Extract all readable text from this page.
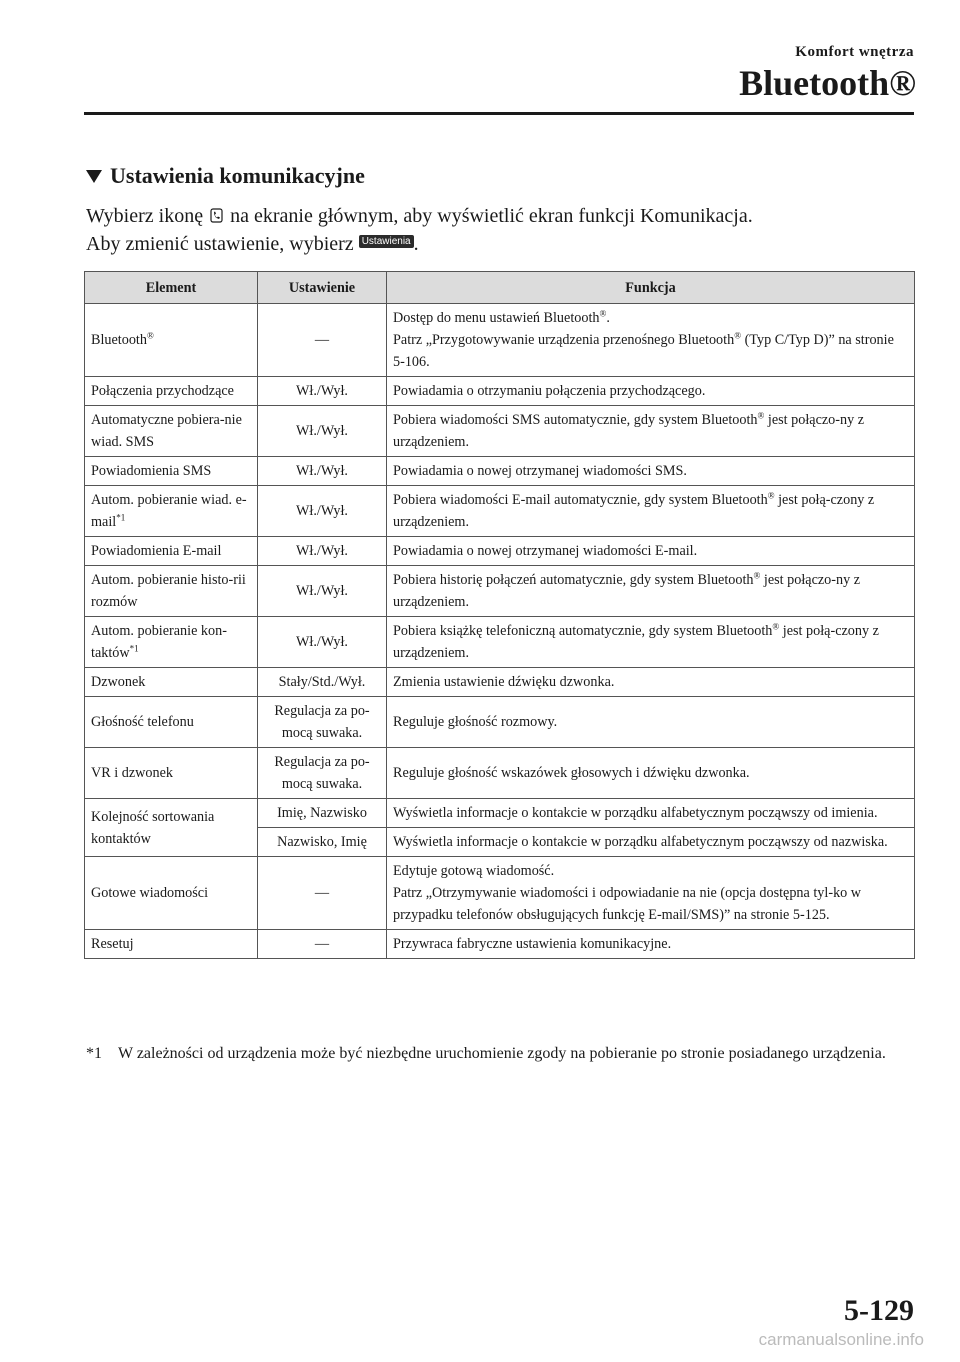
Komfort wnętrza
Bluetooth®
Ustawienia komunikacyjne
Wybierz ikonę na ekranie głównym, aby wyświetlić ekran funkcji Komunikacja.
Aby zmienić ustawienie, wybierz Ustawienia .
Element	Ustawienie	Funkcja
Bluetooth®	—	Dostęp do menu ustawień Bluetooth®.
Patrz „Przygotowywanie urządzenia przenośnego Bluetooth® (Typ C/Typ D)” na stronie 5-106.

Połączenia przychodzące	Wł./Wył.	Powiadamia o otrzymaniu połączenia przychodzącego.

Automatyczne pobiera-nie wiad. SMS	Wł./Wył.	Pobiera wiadomości SMS automatycznie, gdy system Bluetooth® jest połączo-ny z urządzeniem.

Powiadomienia SMS	Wł./Wył.	Powiadamia o nowej otrzymanej wiadomości SMS.

Autom. pobieranie wiad. e-mail$^{*1}$	Wł./Wył.	Pobiera wiadomości E-mail automatycznie, gdy system Bluetooth® jest połą-czony z urządzeniem.

Powiadomienia E-mail	Wł./Wył.	Powiadamia o nowej otrzymanej wiadomości E-mail.

Autom. pobieranie histo-rii rozmów	Wł./Wył.	Pobiera historię połączeń automatycznie, gdy system Bluetooth® jest połączo-ny z urządzeniem.

Autom. pobieranie kon-taktów$^{*1}$	Wł./Wył.	Pobiera książkę telefoniczną automatycznie, gdy system Bluetooth® jest połą-czony z urządzeniem.

Dzwonek	Stały/Std./Wył.	Zmienia ustawienie dźwięku dzwonka.

Głośność telefonu	Regulacja za po-mocą suwaka.	Reguluje głośność rozmowy.

VR i dzwonek	Regulacja za po-mocą suwaka.	Reguluje głośność wskazówek głosowych i dźwięku dzwonka.

Kolejność sortowania kontaktów	Imię, Nazwisko	Wyświetla informacje o kontakcie w porządku alfabetycznym począwszy od imienia.
	Nazwisko, Imię	Wyświetla informacje o kontakcie w porządku alfabetycznym począwszy od nazwiska.
Gotowe wiadomości	—	Edytuje gotową wiadomość.
Patrz „Otrzymywanie wiadomości i odpowiadanie na nie (opcja dostępna tyl-ko w przypadku telefonów obsługujących funkcję E-mail/SMS)” na stronie 5-125.

Resetuj	—	Przywraca fabryczne ustawienia komunikacyjne.
*1	W zależności od urządzenia może być niezbędne uruchomienie zgody na pobieranie po stronie posiadanego urządzenia.
5-129
carmanualsonline.info
